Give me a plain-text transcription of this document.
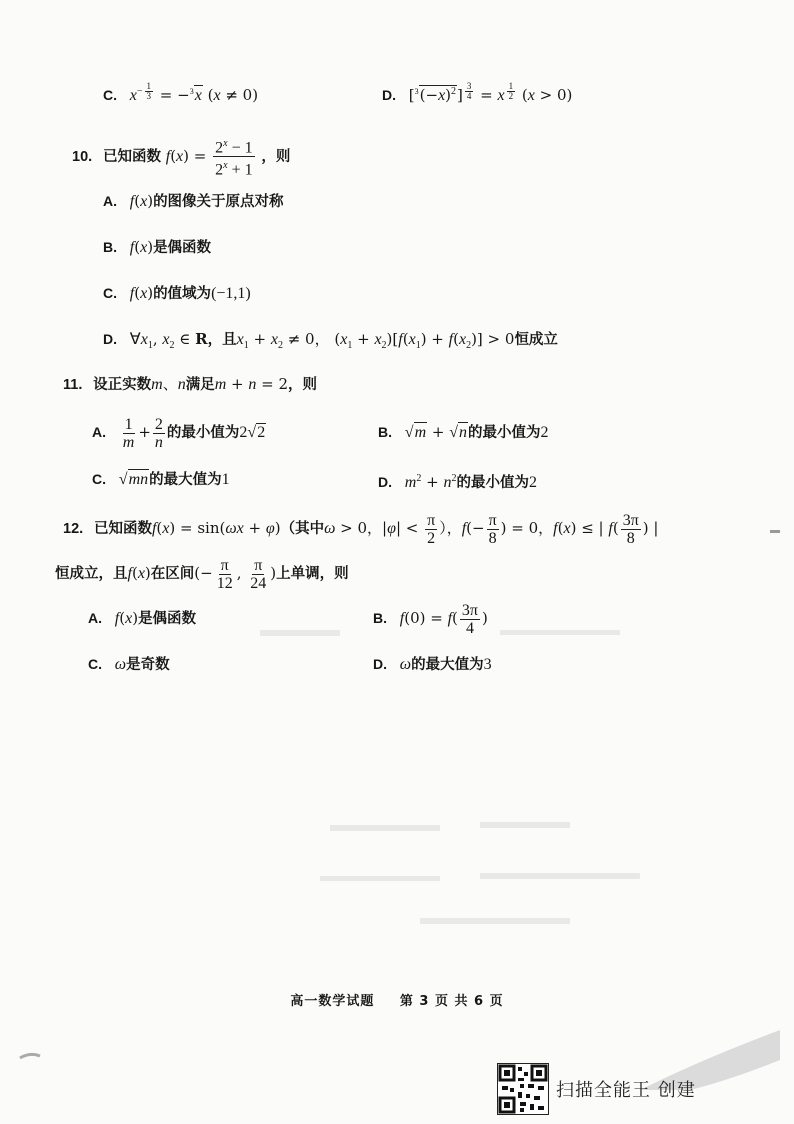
C. $x^{- \frac{1}{3}} = -^3x$ (x ≠ 0)	D. $[^3(-x)^2] ^{\frac{3}{4}} = x$ $^{\frac{1}{2}}$ (x > 0)
10. 已知函数 $f(x) = \frac{2^x - 1}{2^x + 1}$ ，则
A. f(x)的图像关于原点对称
B. f(x)是偶函数
C. f(x)的值域为(−1,1)
D. $\forall x_1$, $x_2$ ∈ R，且$x_1 + x_2 \ne 0$， $(x_1 + x_2)[f(x_1) + f(x_2)] > 0$恒成立
11. 设正实数m、n满足m + n = 2，则
A. $\frac{1}{m} + \frac{2}{n}$ 的最小值为2√2	B. √m + √n的最小值为2
C. √mn的最大值为1	D. $m^2 + n^2$的最小值为2
12. 已知函数f(x) = sin(ωx + φ)（其中ω > 0，$|\varphi| < \frac{\pi}{2}$ ），$f(- \frac{\pi}{8}$ ) = 0，f(x) ≤ | $f( \frac{3\pi}{8}$ ) |
恒成立，且f(x)在区间(− $\frac{\pi}{12}$ , $\frac{\pi}{24}$ )上单调，则
A. f(x)是偶函数	B. $f(0) = f( \frac{3\pi}{4}$ )
C. ω是奇数	D. ω的最大值为3
高一数学试题 第 3 页 共 6 页
扫描全能王 创建
